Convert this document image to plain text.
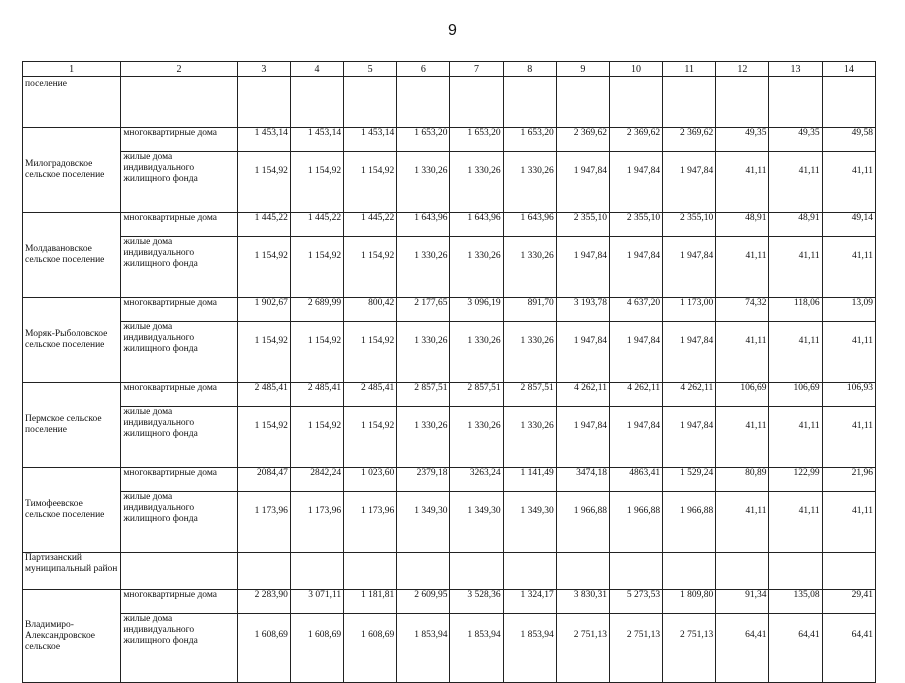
9
1	2	3	4	5	6	7	8	9	10	11	12	13	14
поселение													
Милоградовское сельское поселение	многоквартирные дома	1 453,14	1 453,14	1 453,14	1 653,20	1 653,20	1 653,20	2 369,62	2 369,62	2 369,62	49,35	49,35	49,58
	жилые дома индивидуального жилищного фонда	1 154,92	1 154,92	1 154,92	1 330,26	1 330,26	1 330,26	1 947,84	1 947,84	1 947,84	41,11	41,11	41,11
Молдавановское сельское поселение	многоквартирные дома	1 445,22	1 445,22	1 445,22	1 643,96	1 643,96	1 643,96	2 355,10	2 355,10	2 355,10	48,91	48,91	49,14
	жилые дома индивидуального жилищного фонда	1 154,92	1 154,92	1 154,92	1 330,26	1 330,26	1 330,26	1 947,84	1 947,84	1 947,84	41,11	41,11	41,11
Моряк-Рыболовское сельское поселение	многоквартирные дома	1 902,67	2 689,99	800,42	2 177,65	3 096,19	891,70	3 193,78	4 637,20	1 173,00	74,32	118,06	13,09
	жилые дома индивидуального жилищного фонда	1 154,92	1 154,92	1 154,92	1 330,26	1 330,26	1 330,26	1 947,84	1 947,84	1 947,84	41,11	41,11	41,11
Пермское сельское поселение	многоквартирные дома	2 485,41	2 485,41	2 485,41	2 857,51	2 857,51	2 857,51	4 262,11	4 262,11	4 262,11	106,69	106,69	106,93
	жилые дома индивидуального жилищного фонда	1 154,92	1 154,92	1 154,92	1 330,26	1 330,26	1 330,26	1 947,84	1 947,84	1 947,84	41,11	41,11	41,11
Тимофеевское сельское поселение	многоквартирные дома	2084,47	2842,24	1 023,60	2379,18	3263,24	1 141,49	3474,18	4863,41	1 529,24	80,89	122,99	21,96
	жилые дома индивидуального жилищного фонда	1 173,96	1 173,96	1 173,96	1 349,30	1 349,30	1 349,30	1 966,88	1 966,88	1 966,88	41,11	41,11	41,11
Партизанский муниципальный район													
Владимиро-Александровское сельское	многоквартирные дома	2 283,90	3 071,11	1 181,81	2 609,95	3 528,36	1 324,17	3 830,31	5 273,53	1 809,80	91,34	135,08	29,41
	жилые дома индивидуального жилищного фонда	1 608,69	1 608,69	1 608,69	1 853,94	1 853,94	1 853,94	2 751,13	2 751,13	2 751,13	64,41	64,41	64,41
